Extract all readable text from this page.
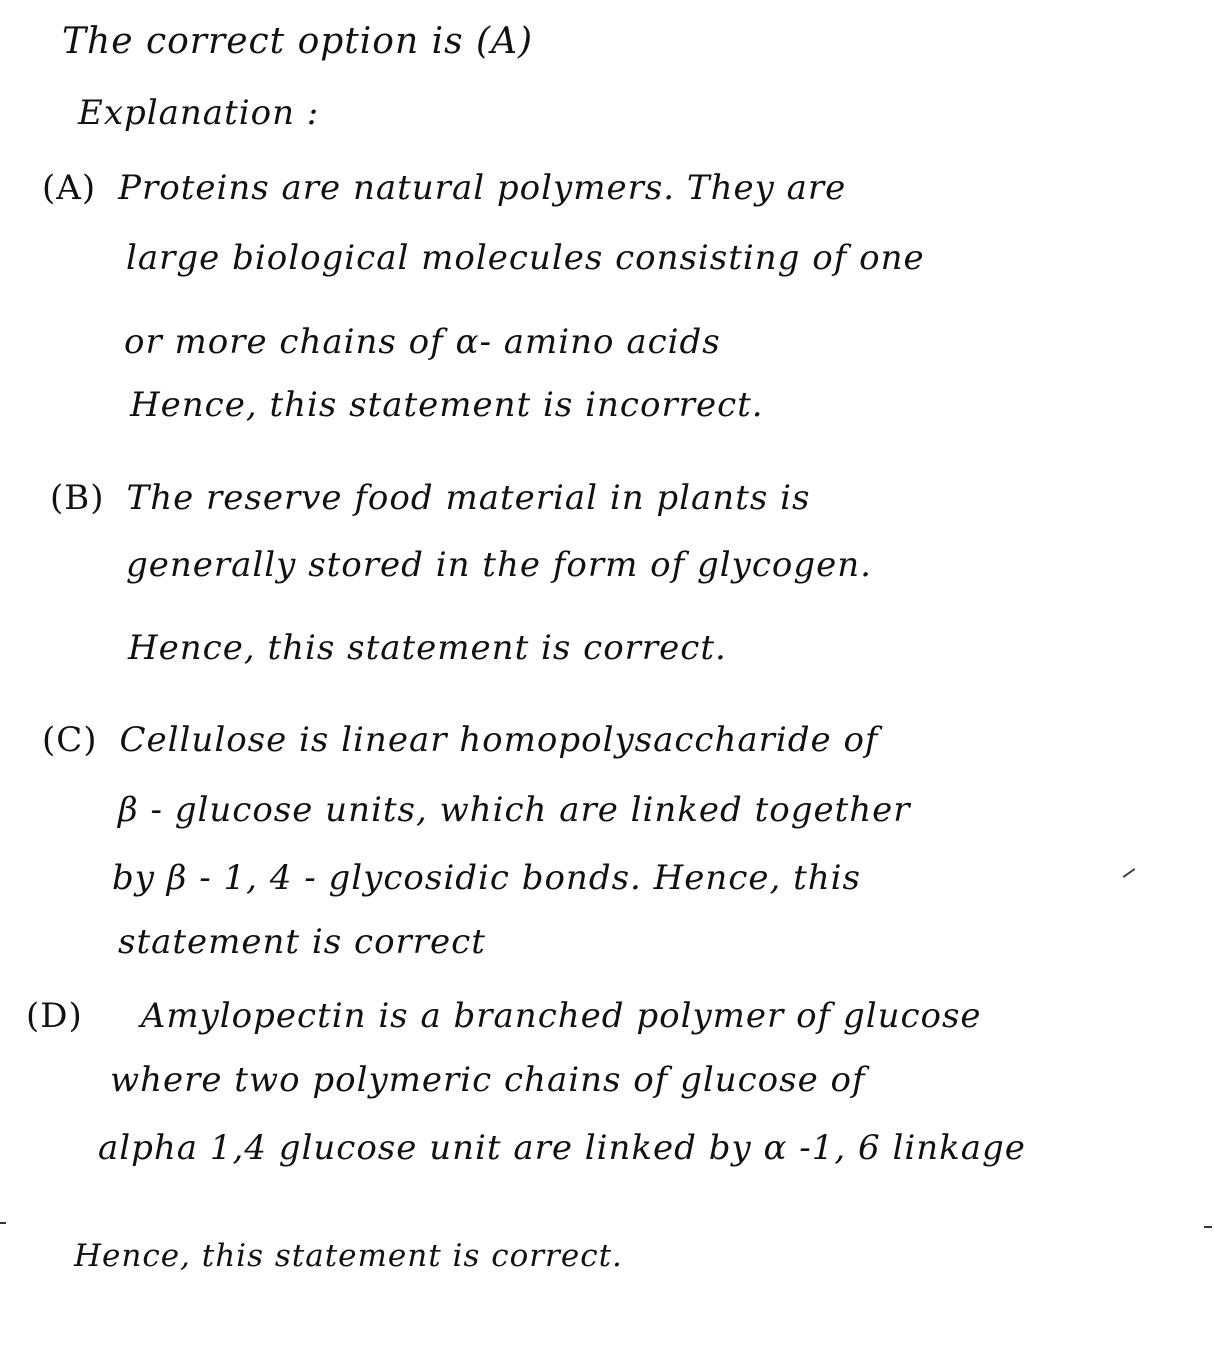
The correct option is (A)
Explanation :
(A) Proteins are natural polymers. They are
large biological molecules consisting of one
or more chains of α- amino acids
Hence, this statement is incorrect.
(B) The reserve food material in plants is
generally stored in the form of glycogen.
Hence, this statement is correct.
(C) Cellulose is linear homopolysaccharide of
β - glucose units, which are linked together
by β - 1, 4 - glycosidic bonds. Hence, this
statement is correct
(D) Amylopectin is a branched polymer of glucose
where two polymeric chains of glucose of
alpha 1,4 glucose unit are linked by α -1, 6 linkage
Hence, this statement is correct.
